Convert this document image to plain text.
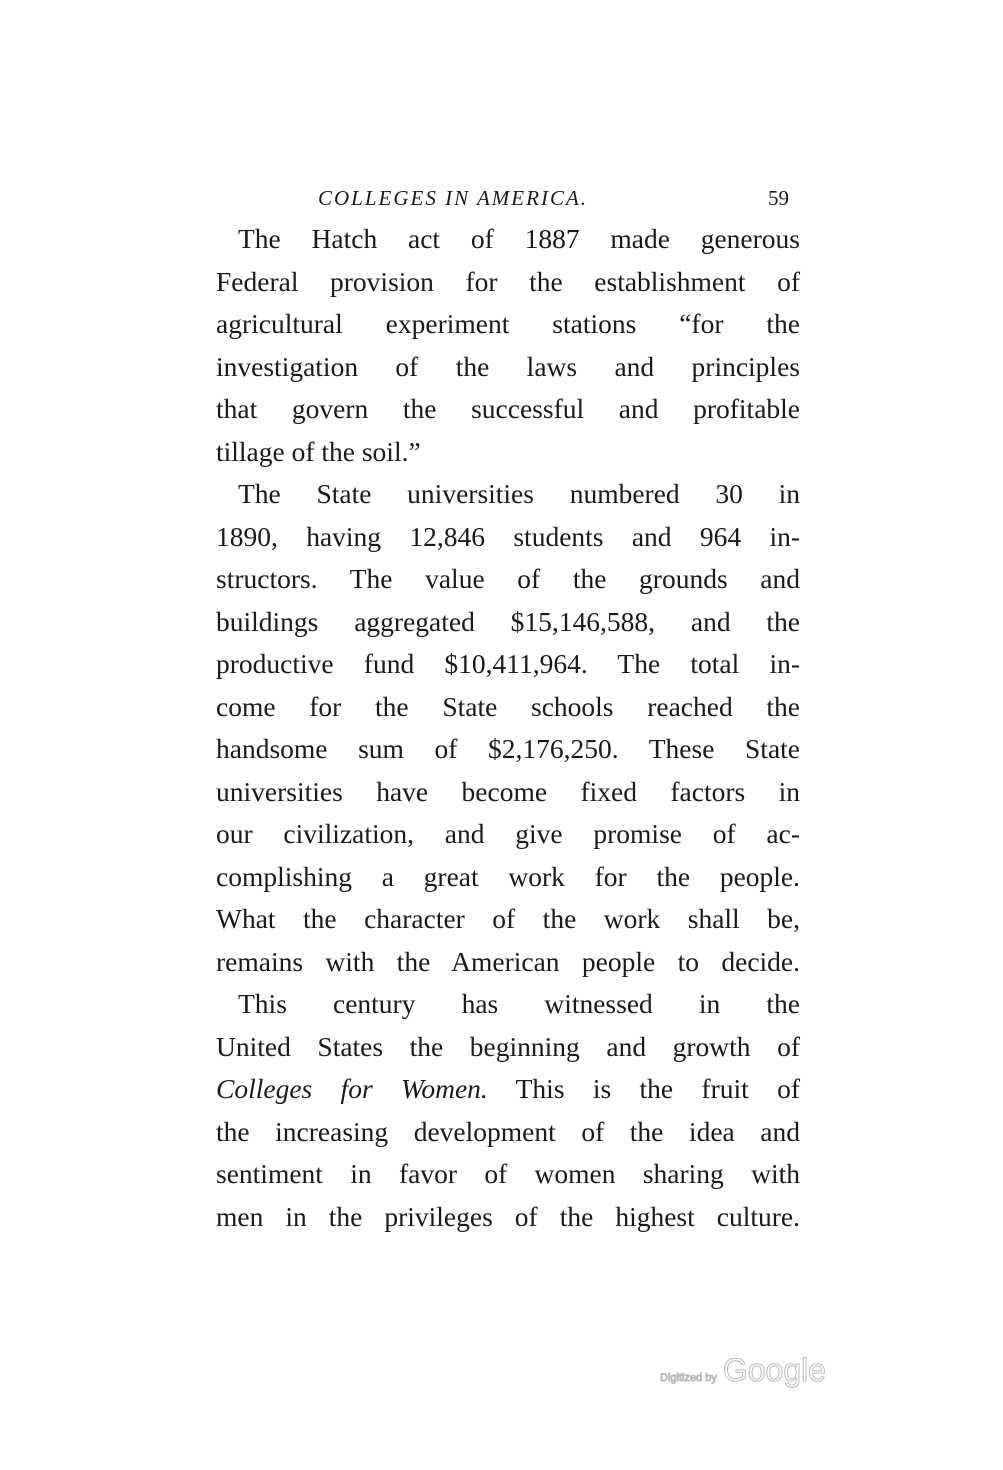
COLLEGES IN AMERICA.	59
The Hatch act of 1887 made generous
Federal provision for the establishment of
agricultural experiment stations “for the
investigation of the laws and principles
that govern the successful and profitable
tillage of the soil.”
The State universities numbered 30 in
1890, having 12,846 students and 964 in-
structors. The value of the grounds and
buildings aggregated $15,146,588, and the
productive fund $10,411,964. The total in-
come for the State schools reached the
handsome sum of $2,176,250. These State
universities have become fixed factors in
our civilization, and give promise of ac-
complishing a great work for the people.
What the character of the work shall be,
remains with the American people to decide.
This century has witnessed in the
United States the beginning and growth of
Colleges for Women. This is the fruit of
the increasing development of the idea and
sentiment in favor of women sharing with
men in the privileges of the highest culture.
Digitized by Google
